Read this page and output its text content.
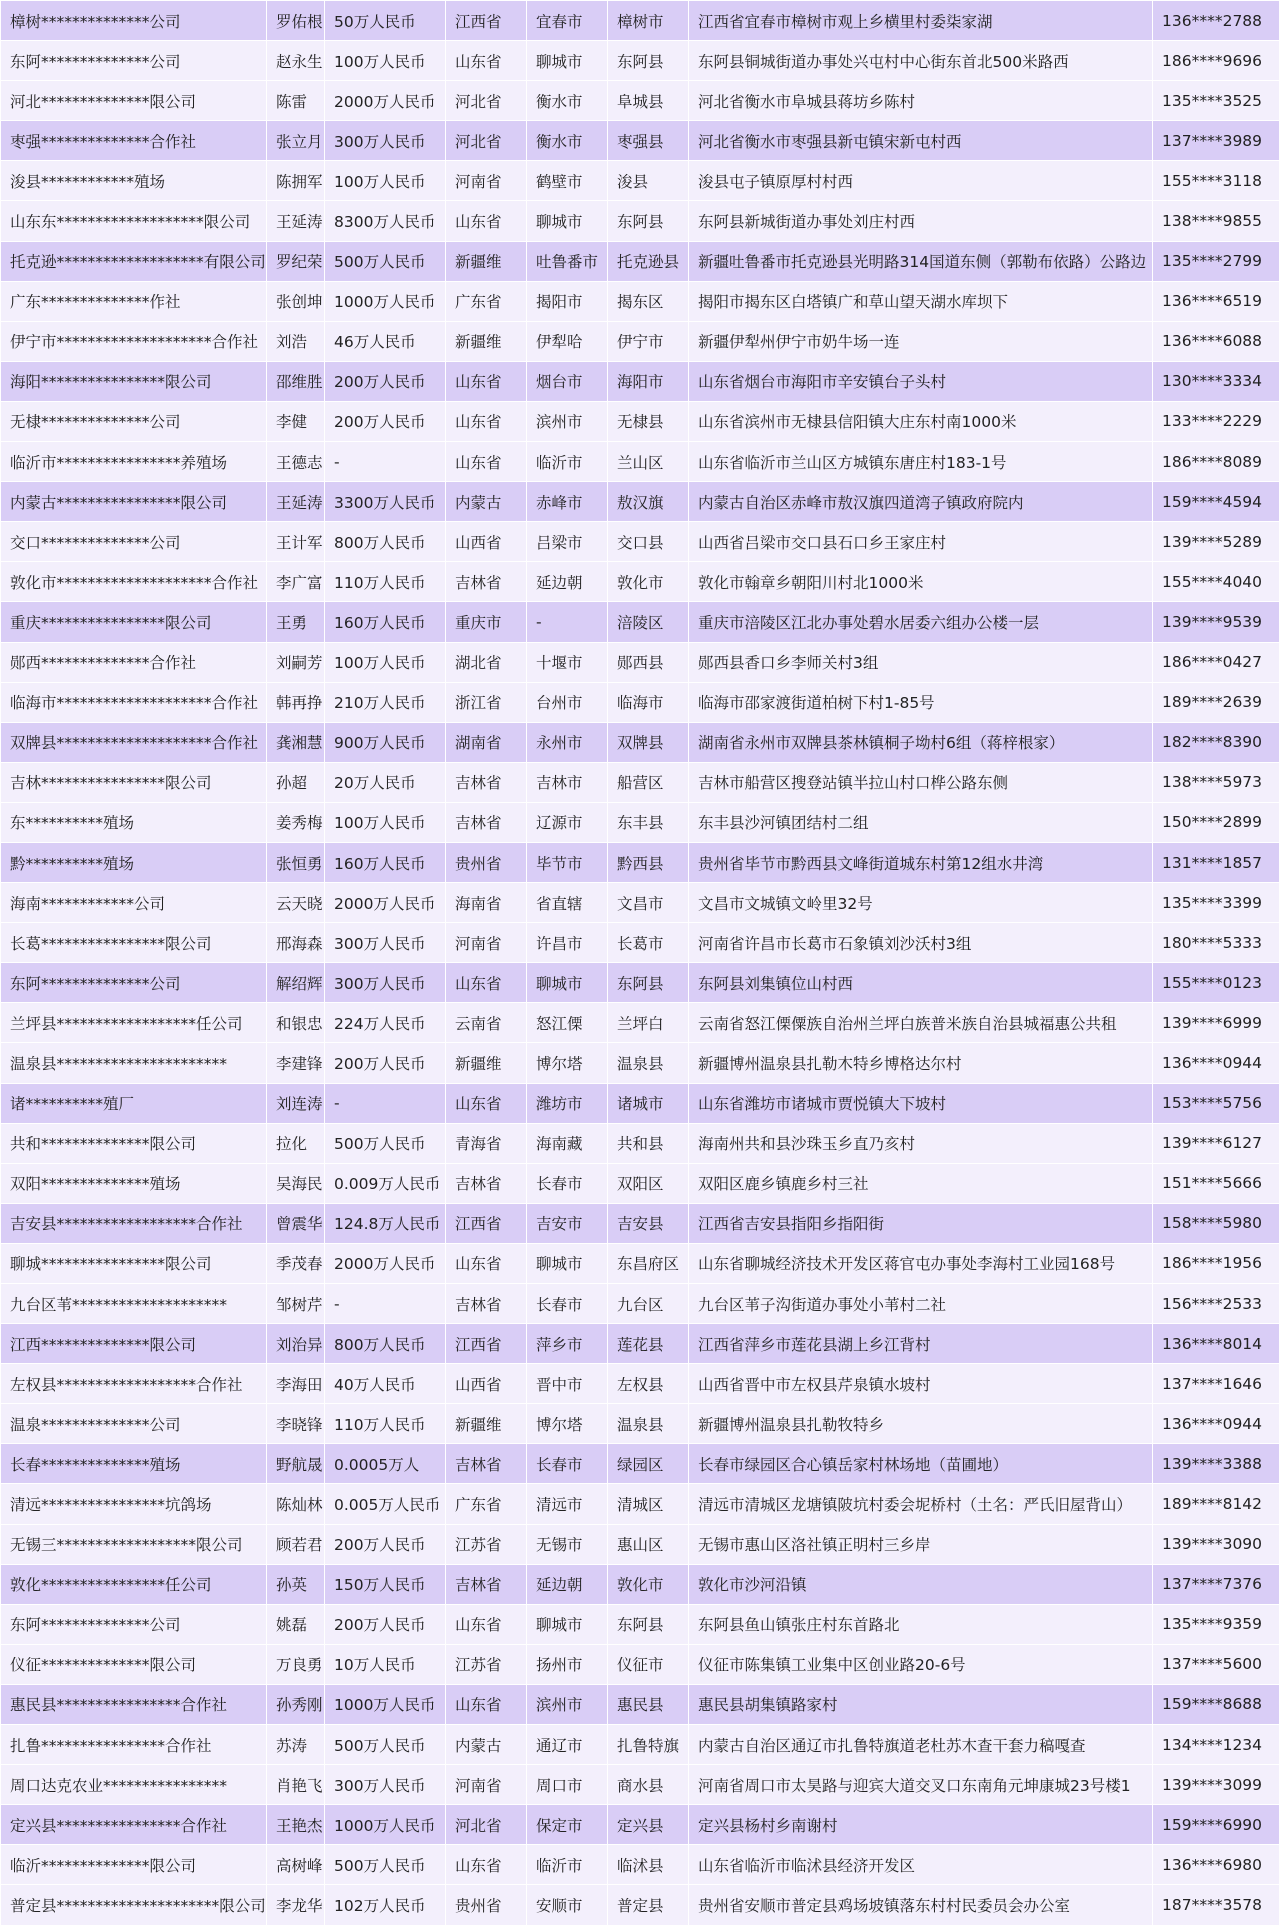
樟树**************公司	罗佑根	50万人民币	江西省	宜春市	樟树市	江西省宜春市樟树市观上乡横里村委柒家湖	136****2788
东阿**************公司	赵永生	100万人民币	山东省	聊城市	东阿县	东阿县铜城街道办事处兴屯村中心街东首北500米路西	186****9696
河北**************限公司	陈雷	2000万人民币	河北省	衡水市	阜城县	河北省衡水市阜城县蒋坊乡陈村	135****3525
枣强**************合作社	张立月	300万人民币	河北省	衡水市	枣强县	河北省衡水市枣强县新屯镇宋新屯村西	137****3989
浚县************殖场	陈拥军	100万人民币	河南省	鹤壁市	浚县	浚县屯子镇原厚村村西	155****3118
山东东*******************限公司	王延涛	8300万人民币	山东省	聊城市	东阿县	东阿县新城街道办事处刘庄村西	138****9855
托克逊*******************有限公司	罗纪荣	500万人民币	新疆维	吐鲁番市	托克逊县	新疆吐鲁番市托克逊县光明路314国道东侧（郭勒布依路）公路边	135****2799
广东**************作社	张创坤	1000万人民币	广东省	揭阳市	揭东区	揭阳市揭东区白塔镇广和草山望天湖水库坝下	136****6519
伊宁市********************合作社	刘浩	46万人民币	新疆维	伊犁哈	伊宁市	新疆伊犁州伊宁市奶牛场一连	136****6088
海阳****************限公司	邵维胜	200万人民币	山东省	烟台市	海阳市	山东省烟台市海阳市辛安镇台子头村	130****3334
无棣**************公司	李健	200万人民币	山东省	滨州市	无棣县	山东省滨州市无棣县信阳镇大庄东村南1000米	133****2229
临沂市****************养殖场	王德志	-	山东省	临沂市	兰山区	山东省临沂市兰山区方城镇东唐庄村183-1号	186****8089
内蒙古****************限公司	王延涛	3300万人民币	内蒙古	赤峰市	敖汉旗	内蒙古自治区赤峰市敖汉旗四道湾子镇政府院内	159****4594
交口**************公司	王计军	800万人民币	山西省	吕梁市	交口县	山西省吕梁市交口县石口乡王家庄村	139****5289
敦化市********************合作社	李广富	110万人民币	吉林省	延边朝	敦化市	敦化市翰章乡朝阳川村北1000米	155****4040
重庆****************限公司	王勇	160万人民币	重庆市	-	涪陵区	重庆市涪陵区江北办事处碧水居委六组办公楼一层	139****9539
郧西**************合作社	刘嗣芳	100万人民币	湖北省	十堰市	郧西县	郧西县香口乡李师关村3组	186****0427
临海市********************合作社	韩再挣	210万人民币	浙江省	台州市	临海市	临海市邵家渡街道柏树下村1-85号	189****2639
双牌县********************合作社	龚湘慧	900万人民币	湖南省	永州市	双牌县	湖南省永州市双牌县茶林镇桐子坳村6组（蒋梓根家）	182****8390
吉林****************限公司	孙超	20万人民币	吉林省	吉林市	船营区	吉林市船营区搜登站镇半拉山村口桦公路东侧	138****5973
东**********殖场	姜秀梅	100万人民币	吉林省	辽源市	东丰县	东丰县沙河镇团结村二组	150****2899
黔**********殖场	张恒勇	160万人民币	贵州省	毕节市	黔西县	贵州省毕节市黔西县文峰街道城东村第12组水井湾	131****1857
海南************公司	云天晓	2000万人民币	海南省	省直辖	文昌市	文昌市文城镇文岭里32号	135****3399
长葛****************限公司	邢海森	300万人民币	河南省	许昌市	长葛市	河南省许昌市长葛市石象镇刘沙沃村3组	180****5333
东阿**************公司	解绍辉	300万人民币	山东省	聊城市	东阿县	东阿县刘集镇位山村西	155****0123
兰坪县******************任公司	和银忠	224万人民币	云南省	怒江傈	兰坪白	云南省怒江傈僳族自治州兰坪白族普米族自治县城福惠公共租	139****6999
温泉县**********************	李建锋	200万人民币	新疆维	博尔塔	温泉县	新疆博州温泉县扎勒木特乡博格达尔村	136****0944
诸**********殖厂	刘连涛	-	山东省	潍坊市	诸城市	山东省潍坊市诸城市贾悦镇大下坡村	153****5756
共和**************限公司	拉化	500万人民币	青海省	海南藏	共和县	海南州共和县沙珠玉乡直乃亥村	139****6127
双阳**************殖场	吴海民	0.009万人民币	吉林省	长春市	双阳区	双阳区鹿乡镇鹿乡村三社	151****5666
吉安县******************合作社	曾震华	124.8万人民币	江西省	吉安市	吉安县	江西省吉安县指阳乡指阳街	158****5980
聊城****************限公司	季茂春	2000万人民币	山东省	聊城市	东昌府区	山东省聊城经济技术开发区蒋官屯办事处李海村工业园168号	186****1956
九台区苇********************	邹树芹	-	吉林省	长春市	九台区	九台区苇子沟街道办事处小苇村二社	156****2533
江西**************限公司	刘治异	800万人民币	江西省	萍乡市	莲花县	江西省萍乡市莲花县湖上乡江背村	136****8014
左权县******************合作社	李海田	40万人民币	山西省	晋中市	左权县	山西省晋中市左权县芹泉镇水坡村	137****1646
温泉**************公司	李晓锋	110万人民币	新疆维	博尔塔	温泉县	新疆博州温泉县扎勒牧特乡	136****0944
长春**************殖场	野航晟	0.0005万人	吉林省	长春市	绿园区	长春市绿园区合心镇岳家村林场地（苗圃地）	139****3388
清远****************坑鸽场	陈灿林	0.005万人民币	广东省	清远市	清城区	清远市清城区龙塘镇陂坑村委会坭桥村（土名：严氏旧屋背山）	189****8142
无锡三******************限公司	顾若君	200万人民币	江苏省	无锡市	惠山区	无锡市惠山区洛社镇正明村三乡岸	139****3090
敦化****************任公司	孙英	150万人民币	吉林省	延边朝	敦化市	敦化市沙河沿镇	137****7376
东阿**************公司	姚磊	200万人民币	山东省	聊城市	东阿县	东阿县鱼山镇张庄村东首路北	135****9359
仪征**************限公司	万良勇	10万人民币	江苏省	扬州市	仪征市	仪征市陈集镇工业集中区创业路20-6号	137****5600
惠民县****************合作社	孙秀刚	1000万人民币	山东省	滨州市	惠民县	惠民县胡集镇路家村	159****8688
扎鲁****************合作社	苏涛	500万人民币	内蒙古	通辽市	扎鲁特旗	内蒙古自治区通辽市扎鲁特旗道老杜苏木查干套力稿嘎查	134****1234
周口达克农业****************	肖艳飞	300万人民币	河南省	周口市	商水县	河南省周口市太昊路与迎宾大道交叉口东南角元坤康城23号楼1	139****3099
定兴县****************合作社	王艳杰	1000万人民币	河北省	保定市	定兴县	定兴县杨村乡南谢村	159****6990
临沂**************限公司	高树峰	500万人民币	山东省	临沂市	临沭县	山东省临沂市临沭县经济开发区	136****6980
普定县*********************限公司	李龙华	102万人民币	贵州省	安顺市	普定县	贵州省安顺市普定县鸡场坡镇落东村村民委员会办公室	187****3578
